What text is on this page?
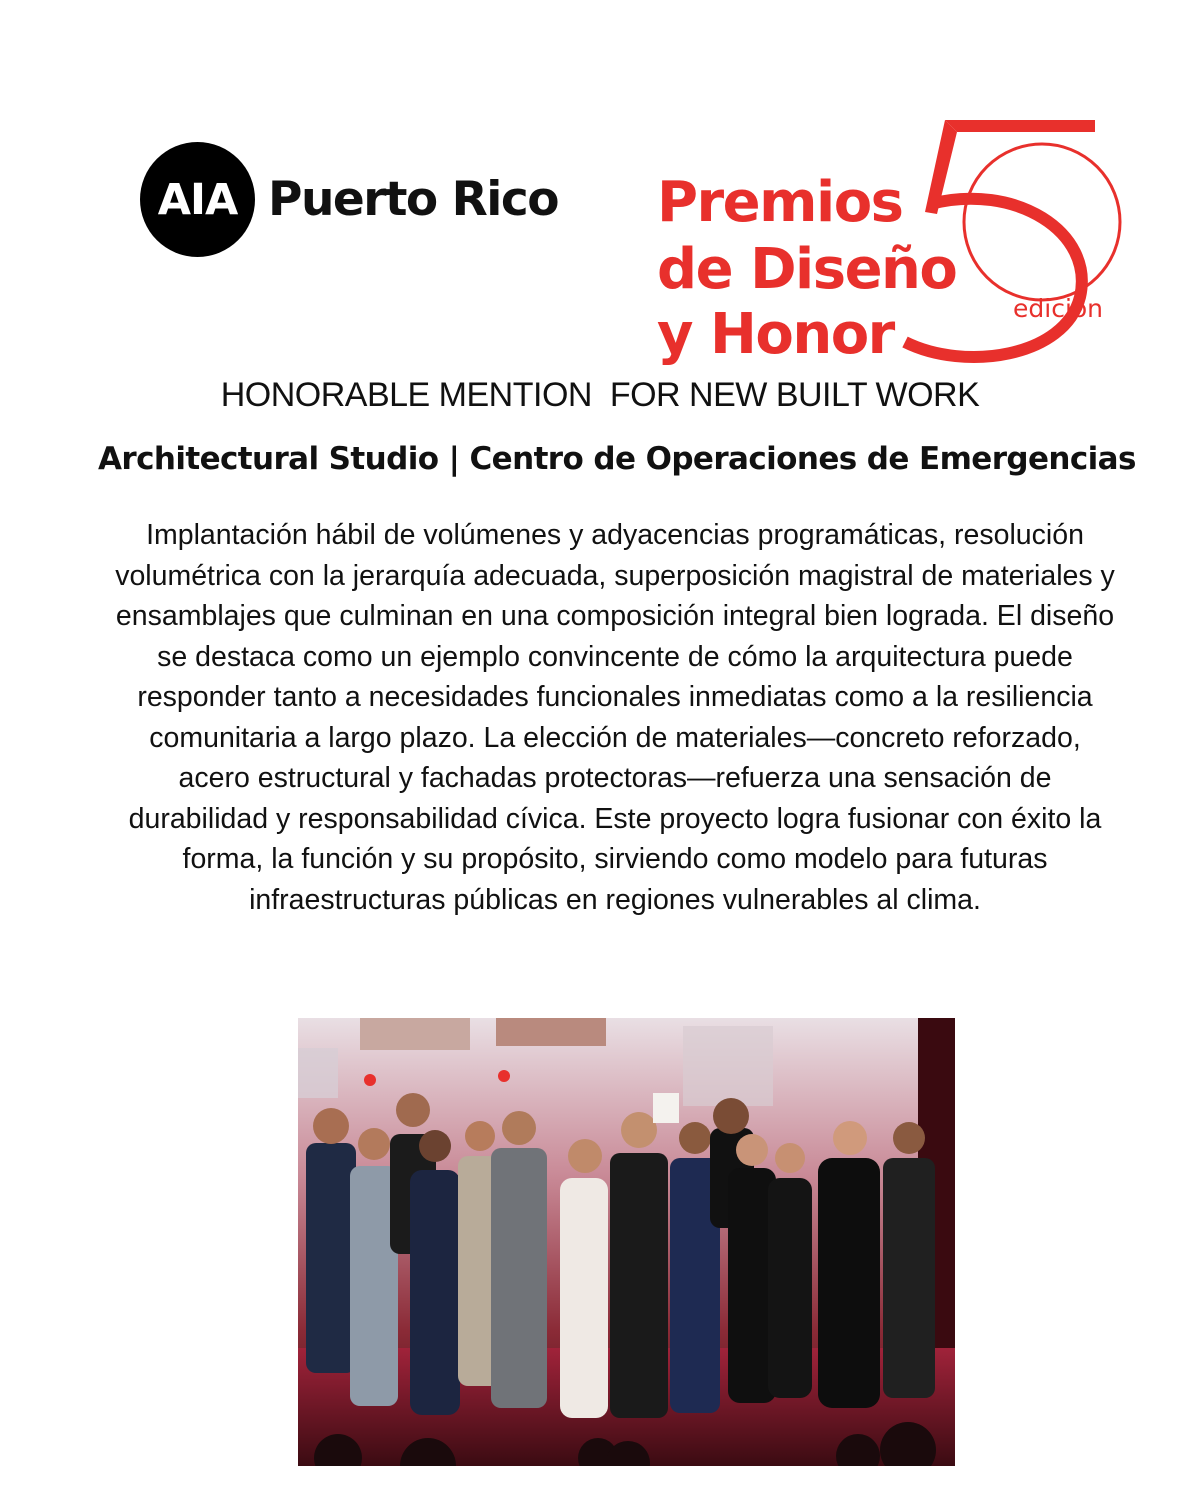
AIA Puerto Rico Premios
de Diseño
y Honor	edición
HONORABLE MENTION  FOR NEW BUILT WORK
Architectural Studio | Centro de Operaciones de Emergencias
Implantación hábil de volúmenes y adyacencias programáticas, resolución volumétrica con la jerarquía adecuada, superposición magistral de materiales y ensamblajes que culminan en una composición integral bien lograda. El diseño se destaca como un ejemplo convincente de cómo la arquitectura puede responder tanto a necesidades funcionales inmediatas como a la resiliencia comunitaria a largo plazo. La elección de materiales—concreto reforzado, acero estructural y fachadas protectoras—refuerza una sensación de durabilidad y responsabilidad cívica. Este proyecto logra fusionar con éxito la forma, la función y su propósito, sirviendo como modelo para futuras infraestructuras públicas en regiones vulnerables al clima.
